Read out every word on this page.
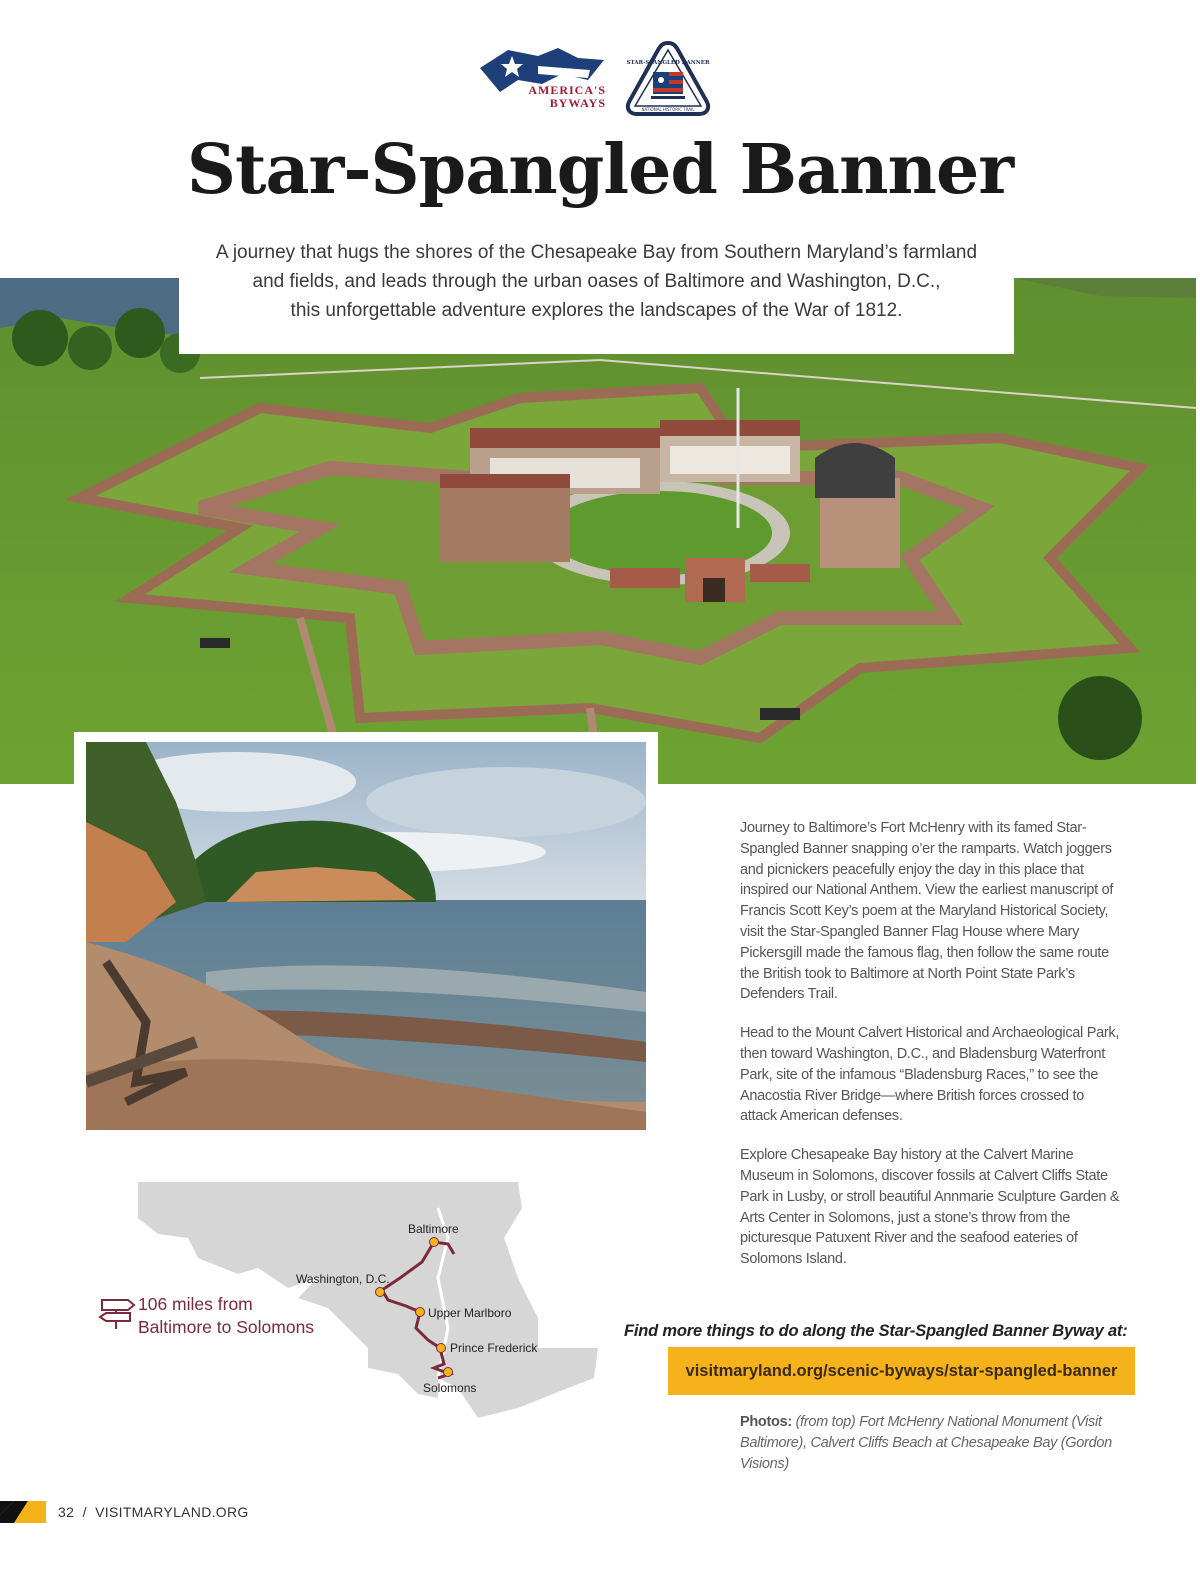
AMERICA'S
BYWAYS	NATIONAL HISTORIC TRAIL
STAR-SPANGLED BANNER
Star-Spangled Banner
A journey that hugs the shores of the Chesapeake Bay from Southern Maryland’s farmland
and fields, and leads through the urban oases of Baltimore and Washington, D.C.,
this unforgettable adventure explores the landscapes of the War of 1812.

Journey to Baltimore’s Fort McHenry with its famed Star-Spangled Banner snapping o’er the ramparts. Watch joggers and picnickers peacefully enjoy the day in this place that inspired our National Anthem. View the earliest manuscript of Francis Scott Key’s poem at the Maryland Historical Society, visit the Star-Spangled Banner Flag House where Mary Pickersgill made the famous flag, then follow the same route the British took to Baltimore at North Point State Park’s Defenders Trail.

Head to the Mount Calvert Historical and Archaeological Park, then toward Washington, D.C., and Bladensburg Waterfront Park, site of the infamous “Bladensburg Races,” to see the Anacostia River Bridge—where British forces crossed to attack American defenses.

Explore Chesapeake Bay history at the Calvert Marine Museum in Solomons, discover fossils at Calvert Cliffs State Park in Lusby, or stroll beautiful Annmarie Sculpture Garden & Arts Center in Solomons, just a stone’s throw from the picturesque Patuxent River and the seafood eateries of Solomons Island.

Baltimore
Washington, D.C.
Upper Marlboro
Prince Frederick
Solomons
106 miles from
Baltimore to Solomons	Find more things to do along the Star-Spangled Banner Byway at:
visitmaryland.org/scenic-byways/star-spangled-banner
Photos: (from top) Fort McHenry National Monument (Visit Baltimore), Calvert Cliffs Beach at Chesapeake Bay (Gordon Visions)
32 / VISITMARYLAND.ORG
